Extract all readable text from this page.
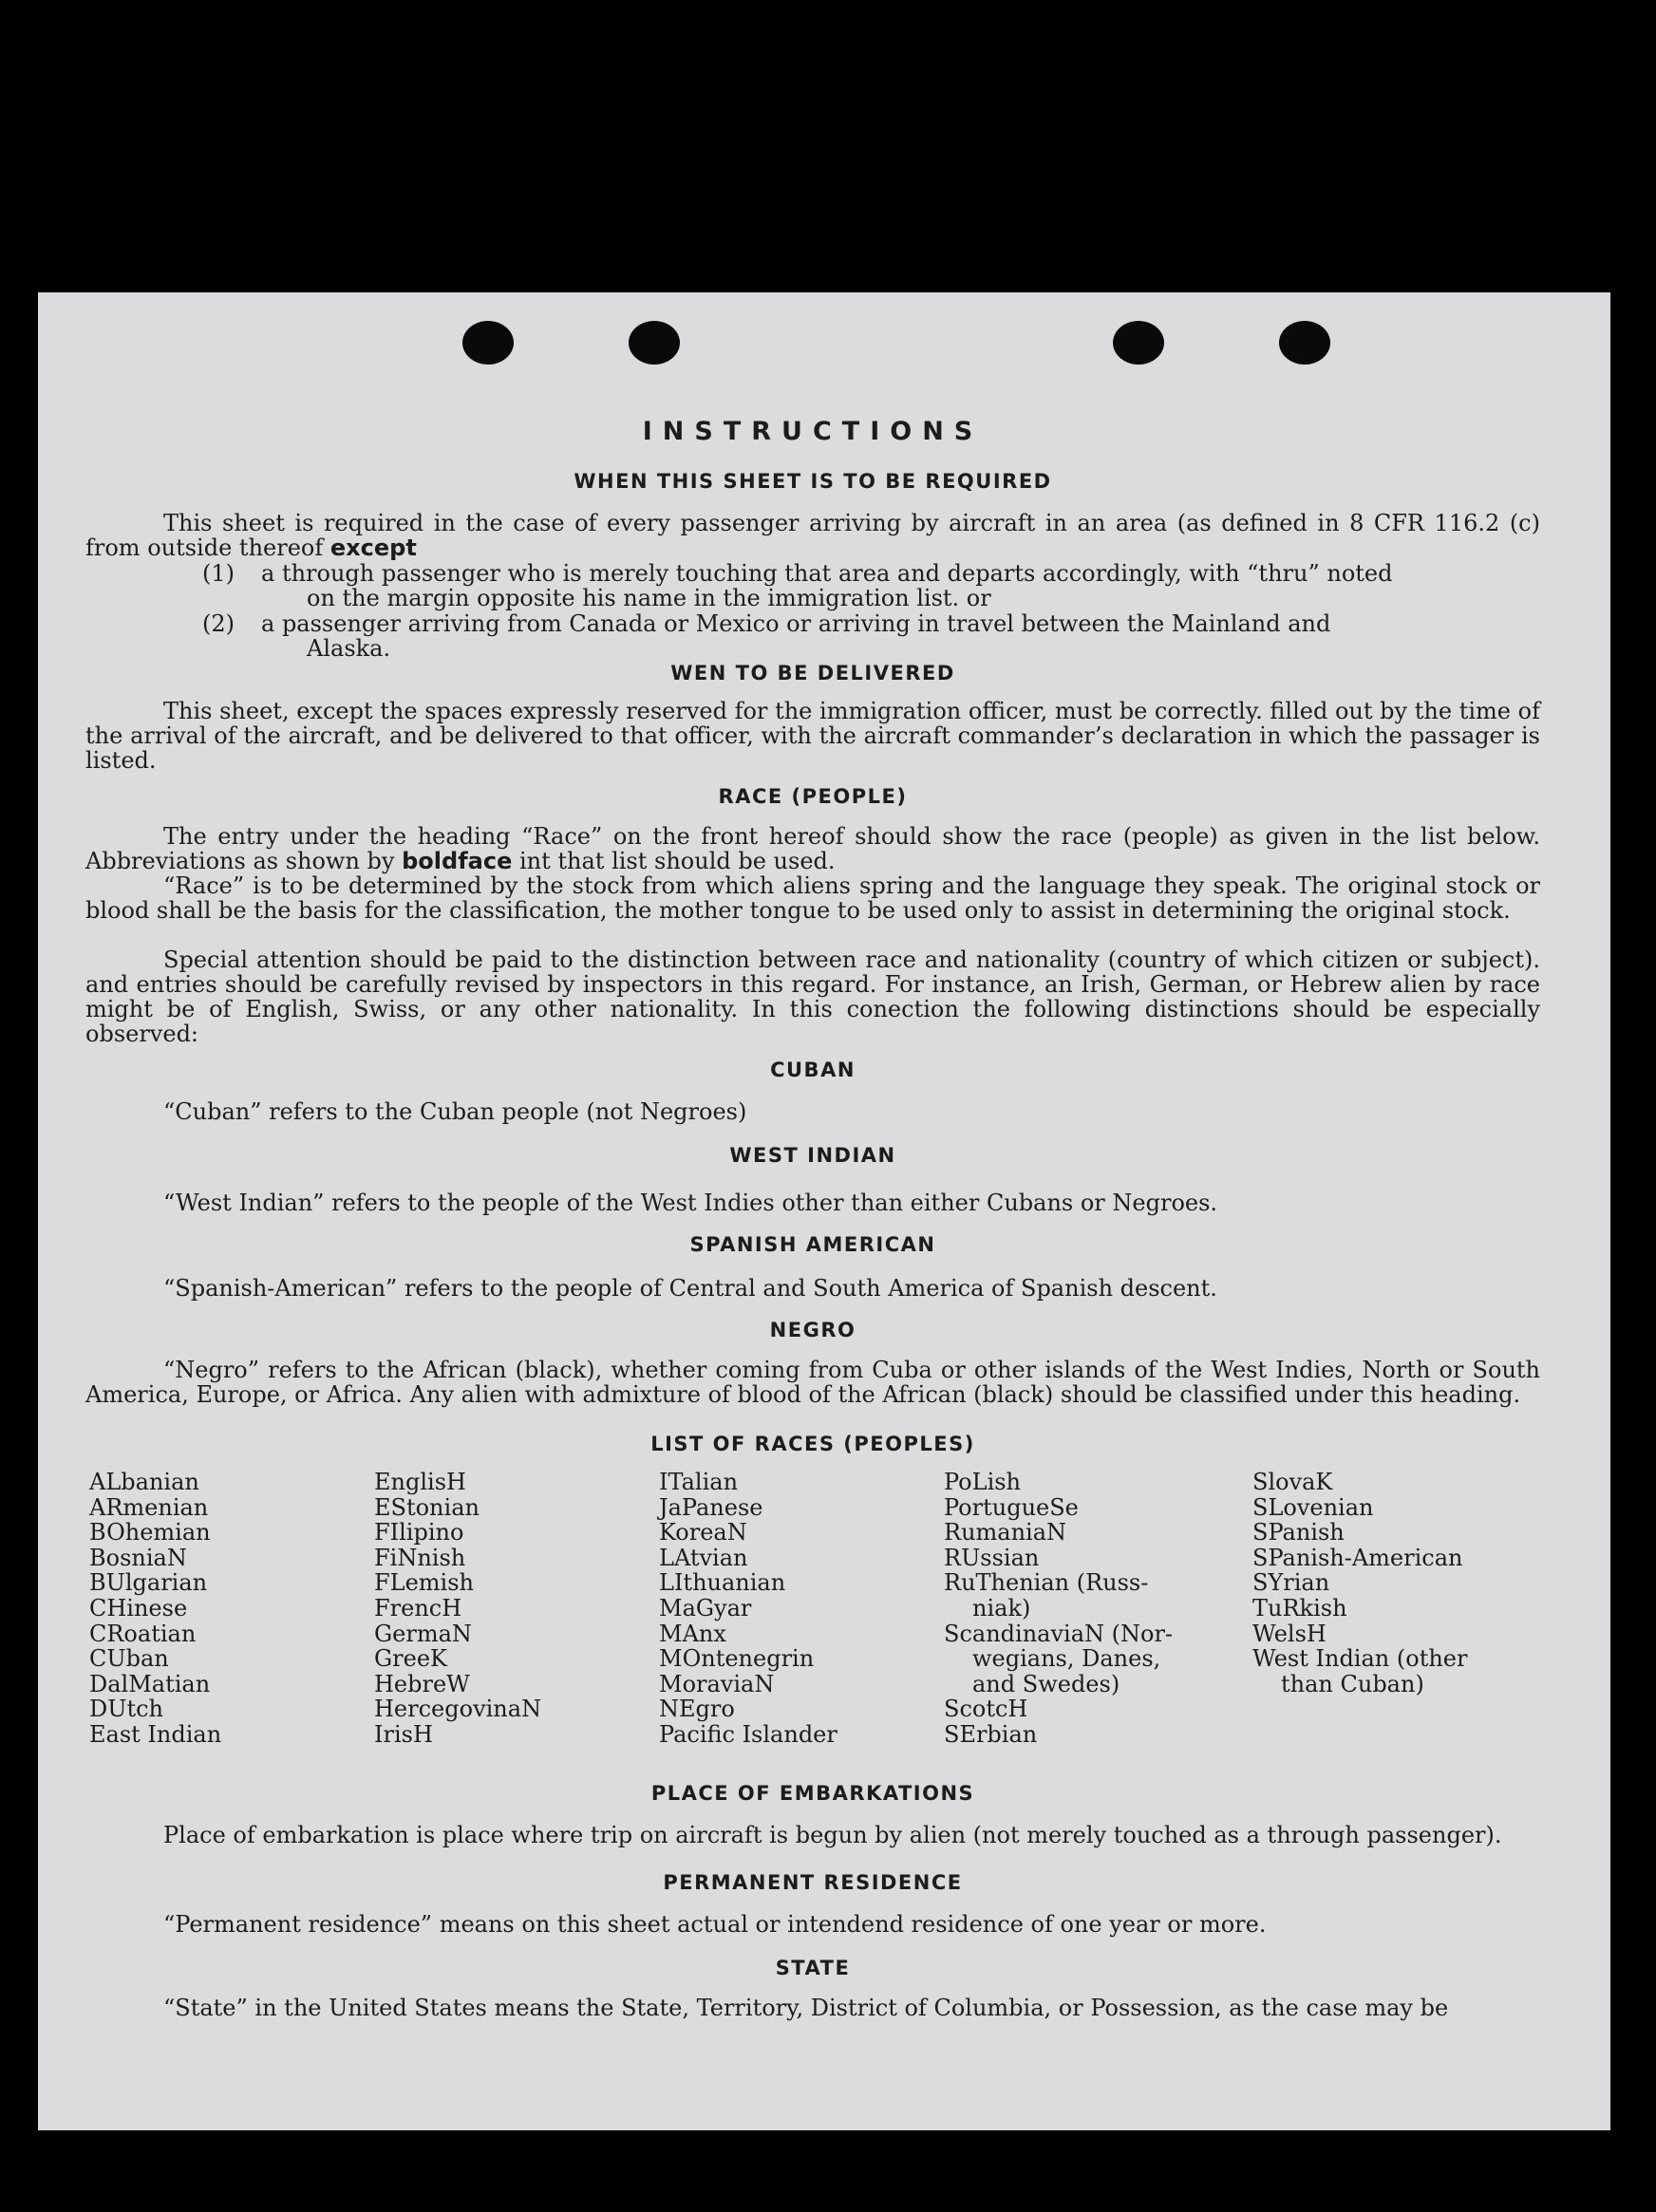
INSTRUCTIONS
WHEN THIS SHEET IS TO BE REQUIRED

This sheet is required in the case of every passenger arriving by aircraft in an area (as defined in 8 CFR 116.2 (c) from outside thereof except

(1)	a through passenger who is merely touching that area and departs accordingly, with “thru” noted
on the margin opposite his name in the immigration list. or
(2)	a passenger arriving from Canada or Mexico or arriving in travel between the Mainland and
Alaska.
WEN TO BE DELIVERED

This sheet, except the spaces expressly reserved for the immigration officer, must be correctly. filled out by the time of the arrival of the aircraft, and be delivered to that officer, with the aircraft commander’s declaration in which the passager is listed.

RACE (PEOPLE)

The entry under the heading “Race” on the front hereof should show the race (people) as given in the list below. Abbreviations as shown by boldface int that list should be used.

“Race” is to be determined by the stock from which aliens spring and the language they speak. The original stock or blood shall be the basis for the classification, the mother tongue to be used only to assist in determining the original stock.

Special attention should be paid to the distinction between race and nationality (country of which citizen or subject). and entries should be carefully revised by inspectors in this regard. For instance, an Irish, German, or Hebrew alien by race might be of English, Swiss, or any other nationality. In this conection the following distinctions should be especially observed:

CUBAN

“Cuban” refers to the Cuban people (not Negroes)

WEST INDIAN

“West Indian” refers to the people of the West Indies other than either Cubans or Negroes.

SPANISH AMERICAN

“Spanish-American” refers to the people of Central and South America of Spanish descent.

NEGRO

“Negro” refers to the African (black), whether coming from Cuba or other islands of the West Indies, North or South America, Europe, or Africa. Any alien with admixture of blood of the African (black) should be classified under this heading.

LIST OF RACES (PEOPLES)
ALbanian
ARmenian
BOhemian
BosniaN
BUlgarian
CHinese
CRoatian
CUban
DalMatian
DUtch
East Indian
EnglisH
EStonian
FIlipino
FiNnish
FLemish
FrencH
GermaN
GreeK
HebreW
HercegovinaN
IrisH
ITalian
JaPanese
KoreaN
LAtvian
LIthuanian
MaGyar
MAnx
MOntenegrin
MoraviaN
NEgro
Pacific Islander
PoLish
PortugueSe
RumaniaN
RUssian
RuThenian (Russ-
niak)
ScandinaviaN (Nor-
wegians, Danes,
and Swedes)
ScotcH
SErbian
SlovaK
SLovenian
SPanish
SPanish-American
SYrian
TuRkish
WelsH
West Indian (other
than Cuban)
PLACE OF EMBARKATIONS

Place of embarkation is place where trip on aircraft is begun by alien (not merely touched as a through passenger).

PERMANENT RESIDENCE

“Permanent residence” means on this sheet actual or intendend residence of one year or more.

STATE

“State” in the United States means the State, Territory, District of Columbia, or Possession, as the case may be
